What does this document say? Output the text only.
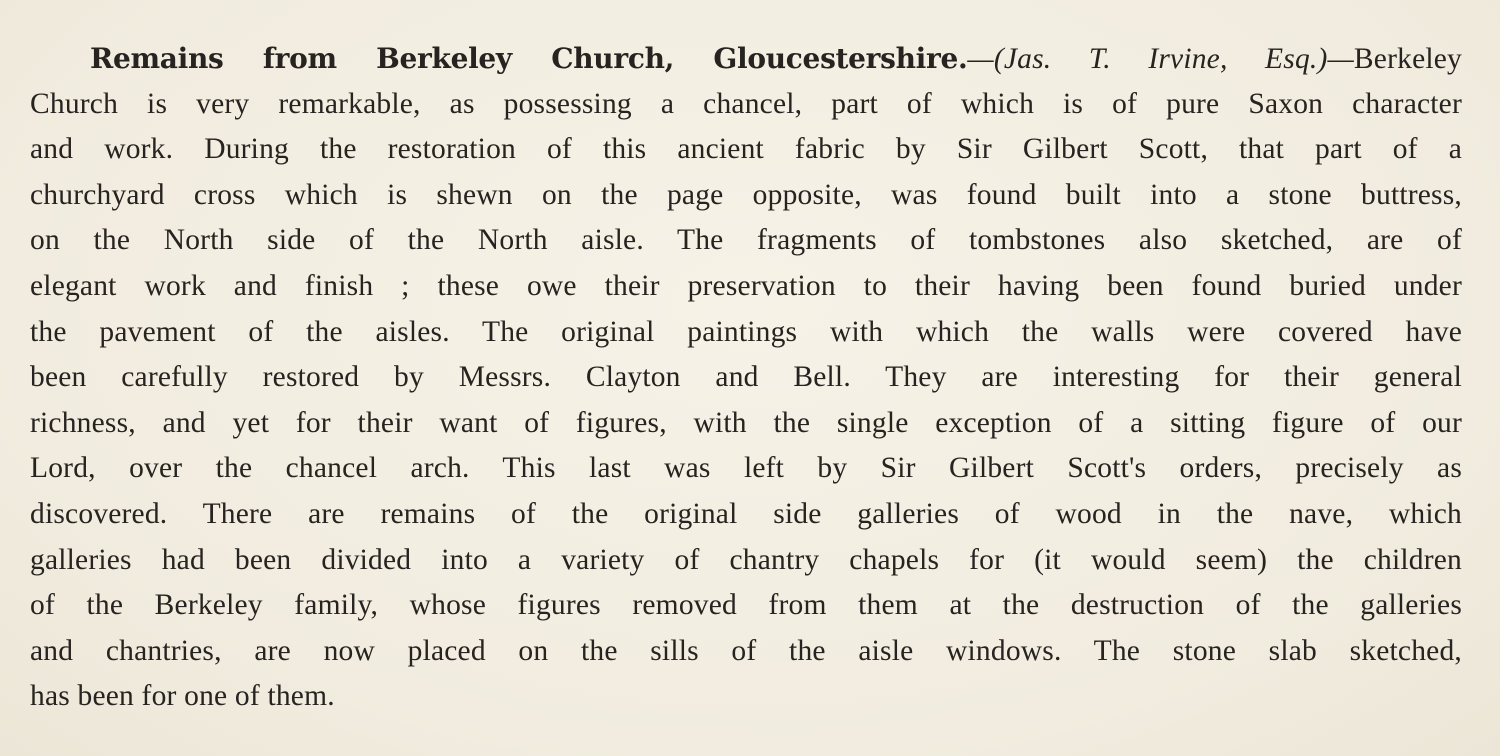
Remains from Berkeley Church, Gloucestershire.—(Jas. T. Irvine, Esq.)—Berkeley
Church is very remarkable, as possessing a chancel, part of which is of pure Saxon character
and work. During the restoration of this ancient fabric by Sir Gilbert Scott, that part of a
churchyard cross which is shewn on the page opposite, was found built into a stone buttress,
on the North side of the North aisle. The fragments of tombstones also sketched, are of
elegant work and finish ; these owe their preservation to their having been found buried under
the pavement of the aisles. The original paintings with which the walls were covered have
been carefully restored by Messrs. Clayton and Bell. They are interesting for their general
richness, and yet for their want of figures, with the single exception of a sitting figure of our
Lord, over the chancel arch. This last was left by Sir Gilbert Scott's orders, precisely as
discovered. There are remains of the original side galleries of wood in the nave, which
galleries had been divided into a variety of chantry chapels for (it would seem) the children
of the Berkeley family, whose figures removed from them at the destruction of the galleries
and chantries, are now placed on the sills of the aisle windows. The stone slab sketched,
has been for one of them.
